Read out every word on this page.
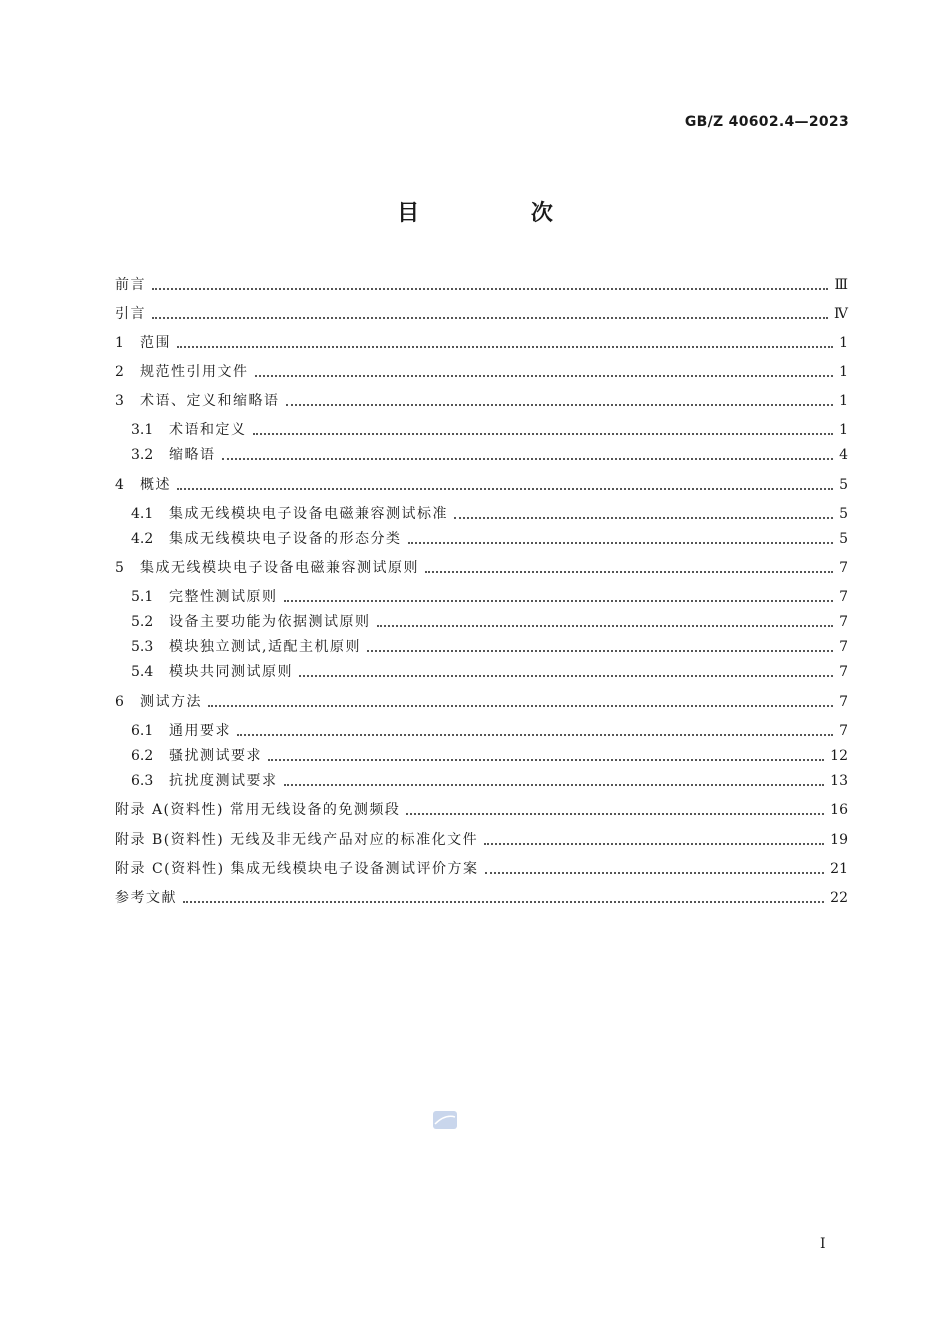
GB/Z 40602.4—2023
目 次
前言	Ⅲ
引言	Ⅳ
1	范围	1
2	规范性引用文件	1
3	术语、定义和缩略语	1
3.1	术语和定义	1
3.2	缩略语	4
4	概述	5
4.1	集成无线模块电子设备电磁兼容测试标准	5
4.2	集成无线模块电子设备的形态分类	5
5	集成无线模块电子设备电磁兼容测试原则	7
5.1	完整性测试原则	7
5.2	设备主要功能为依据测试原则	7
5.3	模块独立测试,适配主机原则	7
5.4	模块共同测试原则	7
6	测试方法	7
6.1	通用要求	7
6.2	骚扰测试要求	12
6.3	抗扰度测试要求	13
附录 A(资料性) 常用无线设备的免测频段	16
附录 B(资料性) 无线及非无线产品对应的标准化文件	19
附录 C(资料性) 集成无线模块电子设备测试评价方案	21
参考文献	22
I
